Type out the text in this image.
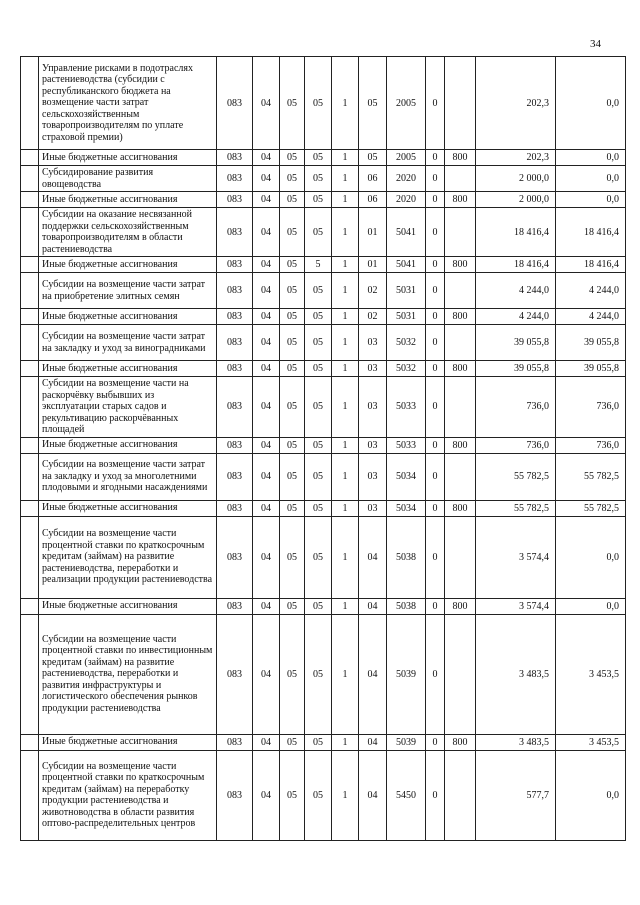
34
	Управление рисками в подотраслях растениеводства (субсидии с республиканского бюджета на возмещение части затрат сельскохозяйственным товаропроизводителям по уплате страховой премии)	083	04	05	05	1	05	2005	0		202,3	0,0
	Иные бюджетные ассигнования	083	04	05	05	1	05	2005	0	800	202,3	0,0
	Субсидирование развития овощеводства	083	04	05	05	1	06	2020	0		2 000,0	0,0
	Иные бюджетные ассигнования	083	04	05	05	1	06	2020	0	800	2 000,0	0,0
	Субсидии на оказание несвязанной поддержки сельскохозяйственным товаропроизводителям в области растениеводства	083	04	05	05	1	01	5041	0		18 416,4	18 416,4
	Иные бюджетные ассигнования	083	04	05	5	1	01	5041	0	800	18 416,4	18 416,4
	Субсидии на возмещение части затрат на приобретение элитных семян	083	04	05	05	1	02	5031	0		4 244,0	4 244,0
	Иные бюджетные ассигнования	083	04	05	05	1	02	5031	0	800	4 244,0	4 244,0
	Субсидии на возмещение части затрат на закладку и уход за виноградниками	083	04	05	05	1	03	5032	0		39 055,8	39 055,8
	Иные бюджетные ассигнования	083	04	05	05	1	03	5032	0	800	39 055,8	39 055,8
	Субсидии на возмещение части на раскорчёвку выбывших из эксплуатации старых садов и рекультивацию раскорчёванных площадей	083	04	05	05	1	03	5033	0		736,0	736,0
	Иные бюджетные ассигнования	083	04	05	05	1	03	5033	0	800	736,0	736,0
	Субсидии на возмещение части затрат на закладку и уход за многолетними плодовыми и ягодными насаждениями	083	04	05	05	1	03	5034	0		55 782,5	55 782,5
	Иные бюджетные ассигнования	083	04	05	05	1	03	5034	0	800	55 782,5	55 782,5
	Субсидии на возмещение части процентной ставки по краткосрочным кредитам (займам) на развитие растениеводства, переработки и реализации продукции растениеводства	083	04	05	05	1	04	5038	0		3 574,4	0,0
	Иные бюджетные ассигнования	083	04	05	05	1	04	5038	0	800	3 574,4	0,0
	Субсидии на возмещение части процентной ставки по инвестиционным кредитам (займам) на развитие растениеводства, переработки и развития инфраструктуры и логистического обеспечения рынков продукции растениеводства	083	04	05	05	1	04	5039	0		3 483,5	3 453,5
	Иные бюджетные ассигнования	083	04	05	05	1	04	5039	0	800	3 483,5	3 453,5
	Субсидии на возмещение части процентной ставки по краткосрочным кредитам (займам) на переработку продукции растениеводства и животноводства в области развития оптово-распределительных центров	083	04	05	05	1	04	5450	0		577,7	0,0
